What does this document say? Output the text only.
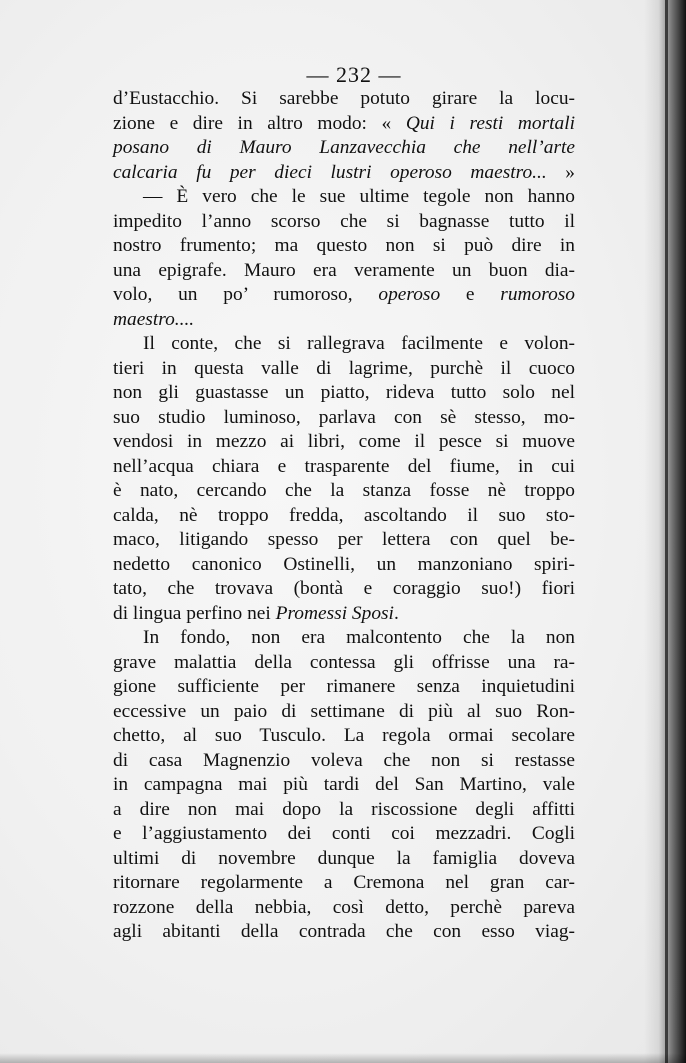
— 232 —
d’Eustacchio. Si sarebbe potuto girare la locu-
zione e dire in altro modo: « Qui i resti mortali
posano di Mauro Lanzavecchia che nell’arte
calcaria fu per dieci lustri operoso maestro... »
— È vero che le sue ultime tegole non hanno
impedito l’anno scorso che si bagnasse tutto il
nostro frumento; ma questo non si può dire in
una epigrafe. Mauro era veramente un buon dia-
volo, un po’ rumoroso, operoso e rumoroso
maestro....
Il conte, che si rallegrava facilmente e volon-
tieri in questa valle di lagrime, purchè il cuoco
non gli guastasse un piatto, rideva tutto solo nel
suo studio luminoso, parlava con sè stesso, mo-
vendosi in mezzo ai libri, come il pesce si muove
nell’acqua chiara e trasparente del fiume, in cui
è nato, cercando che la stanza fosse nè troppo
calda, nè troppo fredda, ascoltando il suo sto-
maco, litigando spesso per lettera con quel be-
nedetto canonico Ostinelli, un manzoniano spiri-
tato, che trovava (bontà e coraggio suo!) fiori
di lingua perfino nei Promessi Sposi.
In fondo, non era malcontento che la non
grave malattia della contessa gli offrisse una ra-
gione sufficiente per rimanere senza inquietudini
eccessive un paio di settimane di più al suo Ron-
chetto, al suo Tusculo. La regola ormai secolare
di casa Magnenzio voleva che non si restasse
in campagna mai più tardi del San Martino, vale
a dire non mai dopo la riscossione degli affitti
e l’aggiustamento dei conti coi mezzadri. Cogli
ultimi di novembre dunque la famiglia doveva
ritornare regolarmente a Cremona nel gran car-
rozzone della nebbia, così detto, perchè pareva
agli abitanti della contrada che con esso viag-
